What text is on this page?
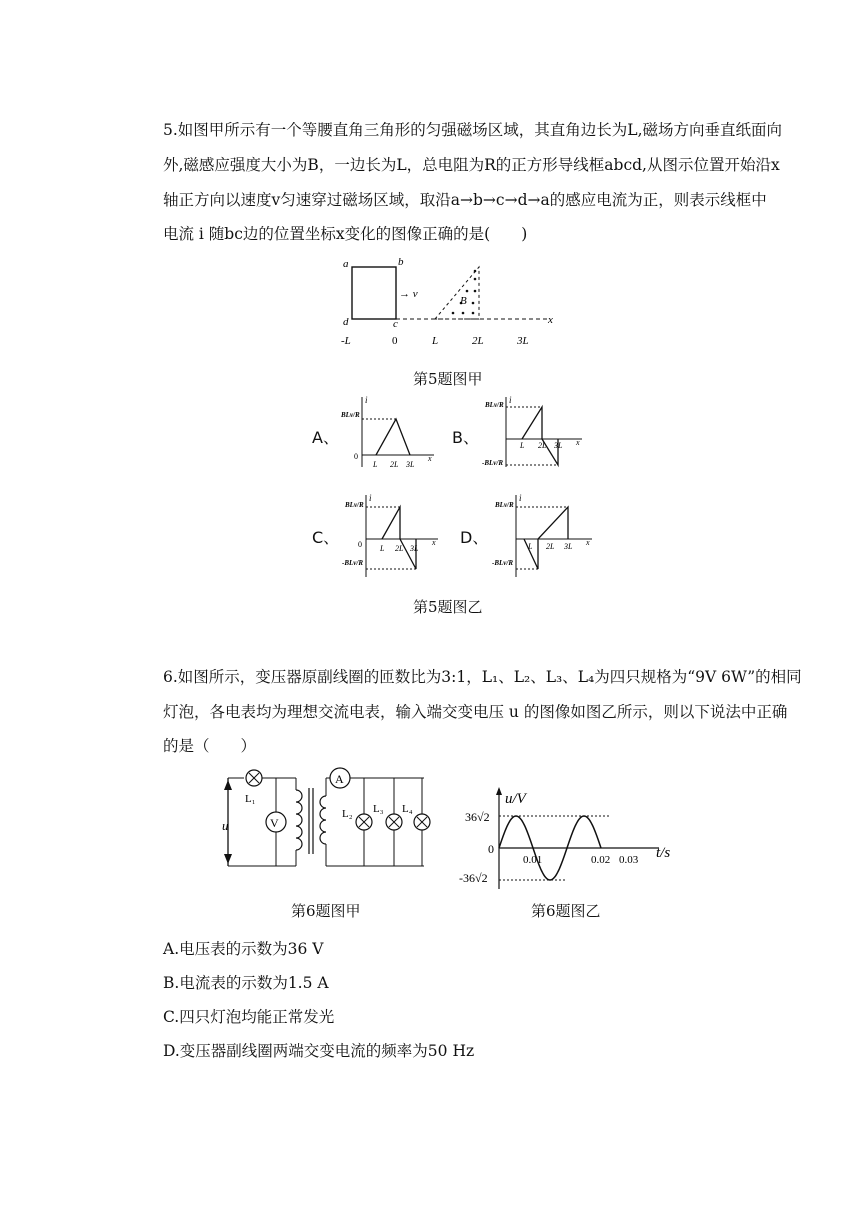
5.如图甲所示有一个等腰直角三角形的匀强磁场区域，其直角边长为L,磁场方向垂直纸面向
外,磁感应强度大小为B，一边长为L，总电阻为R的正方形导线框abcd,从图示位置开始沿x
轴正方向以速度v匀速穿过磁场区域，取沿a→b→c→d→a的感应电流为正，则表示线框中
电流 i 随bc边的位置坐标x变化的图像正确的是(　　)
a	b
d	c
→ v
B
x
-L	0	L	2L	3L
第5题图甲
A、	B、
C、	D、
BLv/R
i
0
L 2L 3L
x
BLv/R
-BLv/R
i
L 2L 3L x
BLv/R
-BLv/R
i
0 L 2L 3L
x
BLv/R
-BLv/R
i
L 2L 3L x
第5题图乙
6.如图所示，变压器原副线圈的匝数比为3:1，L₁、L₂、L₃、L₄为四只规格为“9V 6W”的相同
灯泡，各电表均为理想交流电表，输入端交变电压 u 的图像如图乙所示，则以下说法中正确
的是（　　）
u
L₁
V
A
L₂ L₃ L₄
第6题图甲
u/V
t/s
36√2
-36√2
0
0.01	0.02 0.03
第6题图乙
A.电压表的示数为36 V
B.电流表的示数为1.5 A
C.四只灯泡均能正常发光
D.变压器副线圈两端交变电流的频率为50 Hz
